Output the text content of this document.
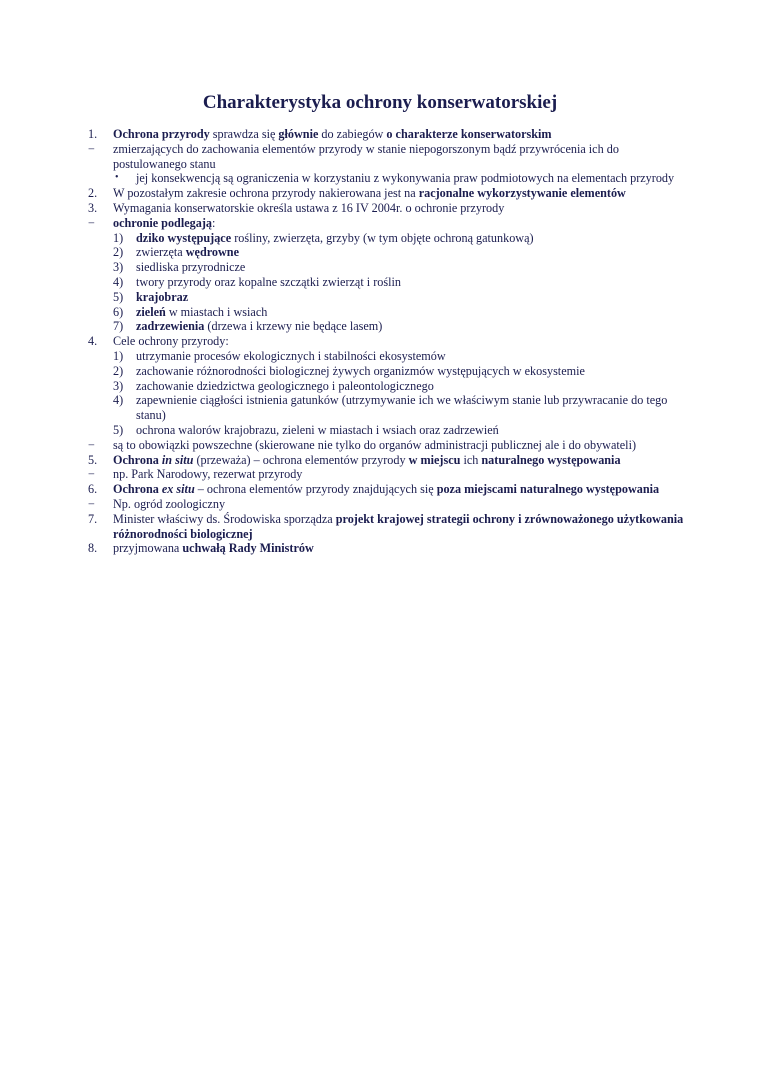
Charakterystyka ochrony konserwatorskiej
1. Ochrona przyrody sprawdza się głównie do zabiegów o charakterze konserwatorskim
− zmierzających do zachowania elementów przyrody w stanie niepogorszonym bądź przywrócenia ich do postulowanego stanu
• jej konsekwencją są ograniczenia w korzystaniu z wykonywania praw podmiotowych na elementach przyrody
2. W pozostałym zakresie ochrona przyrody nakierowana jest na racjonalne wykorzystywanie elementów
3. Wymagania konserwatorskie określa ustawa z 16 IV 2004r. o ochronie przyrody
− ochronie podlegają:
1) dziko występujące rośliny, zwierzęta, grzyby (w tym objęte ochroną gatunkową)
2) zwierzęta wędrowne
3) siedliska przyrodnicze
4) twory przyrody oraz kopalne szczątki zwierząt i roślin
5) krajobraz
6) zieleń w miastach i wsiach
7) zadrzewienia (drzewa i krzewy nie będące lasem)
4. Cele ochrony przyrody:
1) utrzymanie procesów ekologicznych i stabilności ekosystemów
2) zachowanie różnorodności biologicznej żywych organizmów występujących w ekosystemie
3) zachowanie dziedzictwa geologicznego i paleontologicznego
4) zapewnienie ciągłości istnienia gatunków (utrzymywanie ich we właściwym stanie lub przywracanie do tego stanu)
5) ochrona walorów krajobrazu, zieleni w miastach i wsiach oraz zadrzewień
− są to obowiązki powszechne (skierowane nie tylko do organów administracji publicznej ale i do obywateli)
5. Ochrona in situ (przeważa) – ochrona elementów przyrody w miejscu ich naturalnego występowania
− np. Park Narodowy, rezerwat przyrody
6. Ochrona ex situ – ochrona elementów przyrody znajdujących się poza miejscami naturalnego występowania
− Np. ogród zoologiczny
7. Minister właściwy ds. Środowiska sporządza projekt krajowej strategii ochrony i zrównoważonego użytkowania różnorodności biologicznej
8. przyjmowana uchwałą Rady Ministrów
